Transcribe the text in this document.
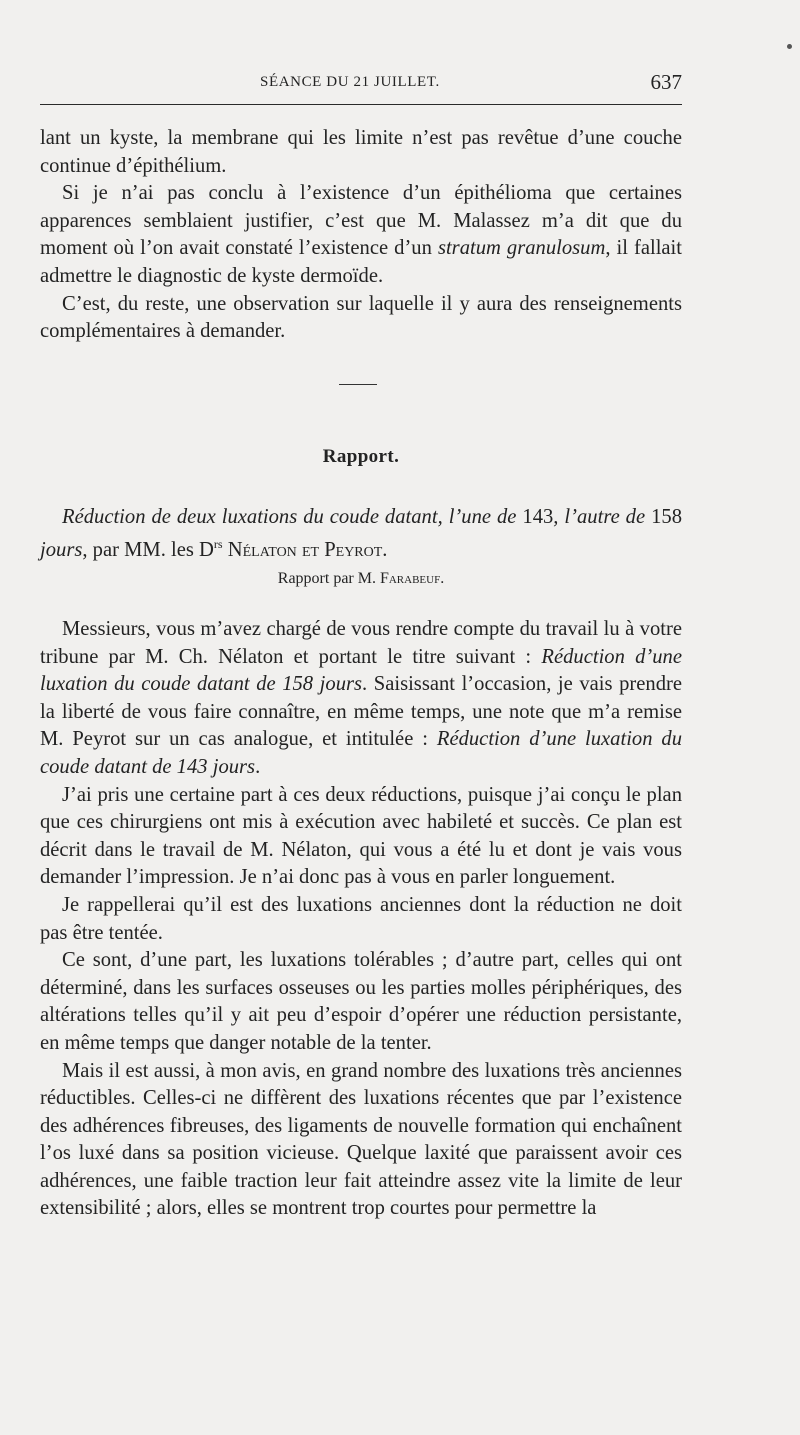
SÉANCE DU 21 JUILLET.	637

lant un kyste, la membrane qui les limite n’est pas revêtue d’une couche continue d’épithélium.

Si je n’ai pas conclu à l’existence d’un épithélioma que certaines apparences semblaient justifier, c’est que M. Malassez m’a dit que du moment où l’on avait constaté l’existence d’un stratum granulosum, il fallait admettre le diagnostic de kyste dermoïde.

C’est, du reste, une observation sur laquelle il y aura des renseignements complémentaires à demander.

Rapport.

Réduction de deux luxations du coude datant, l’une de 143, l’autre de 158 jours, par MM. les $D^{rs}$ Nélaton et Peyrot.

Rapport par M. Farabeuf.

Messieurs, vous m’avez chargé de vous rendre compte du travail lu à votre tribune par M. Ch. Nélaton et portant le titre suivant : Réduction d’une luxation du coude datant de 158 jours. Saisissant l’occasion, je vais prendre la liberté de vous faire connaître, en même temps, une note que m’a remise M. Peyrot sur un cas analogue, et intitulée : Réduction d’une luxation du coude datant de 143 jours.

J’ai pris une certaine part à ces deux réductions, puisque j’ai conçu le plan que ces chirurgiens ont mis à exécution avec habileté et succès. Ce plan est décrit dans le travail de M. Nélaton, qui vous a été lu et dont je vais vous demander l’impression. Je n’ai donc pas à vous en parler longuement.

Je rappellerai qu’il est des luxations anciennes dont la réduction ne doit pas être tentée.

Ce sont, d’une part, les luxations tolérables ; d’autre part, celles qui ont déterminé, dans les surfaces osseuses ou les parties molles périphériques, des altérations telles qu’il y ait peu d’espoir d’opérer une réduction persistante, en même temps que danger notable de la tenter.

Mais il est aussi, à mon avis, en grand nombre des luxations très anciennes réductibles. Celles-ci ne diffèrent des luxations récentes que par l’existence des adhérences fibreuses, des ligaments de nouvelle formation qui enchaînent l’os luxé dans sa position vicieuse. Quelque laxité que paraissent avoir ces adhérences, une faible traction leur fait atteindre assez vite la limite de leur extensibilité ; alors, elles se montrent trop courtes pour permettre la
